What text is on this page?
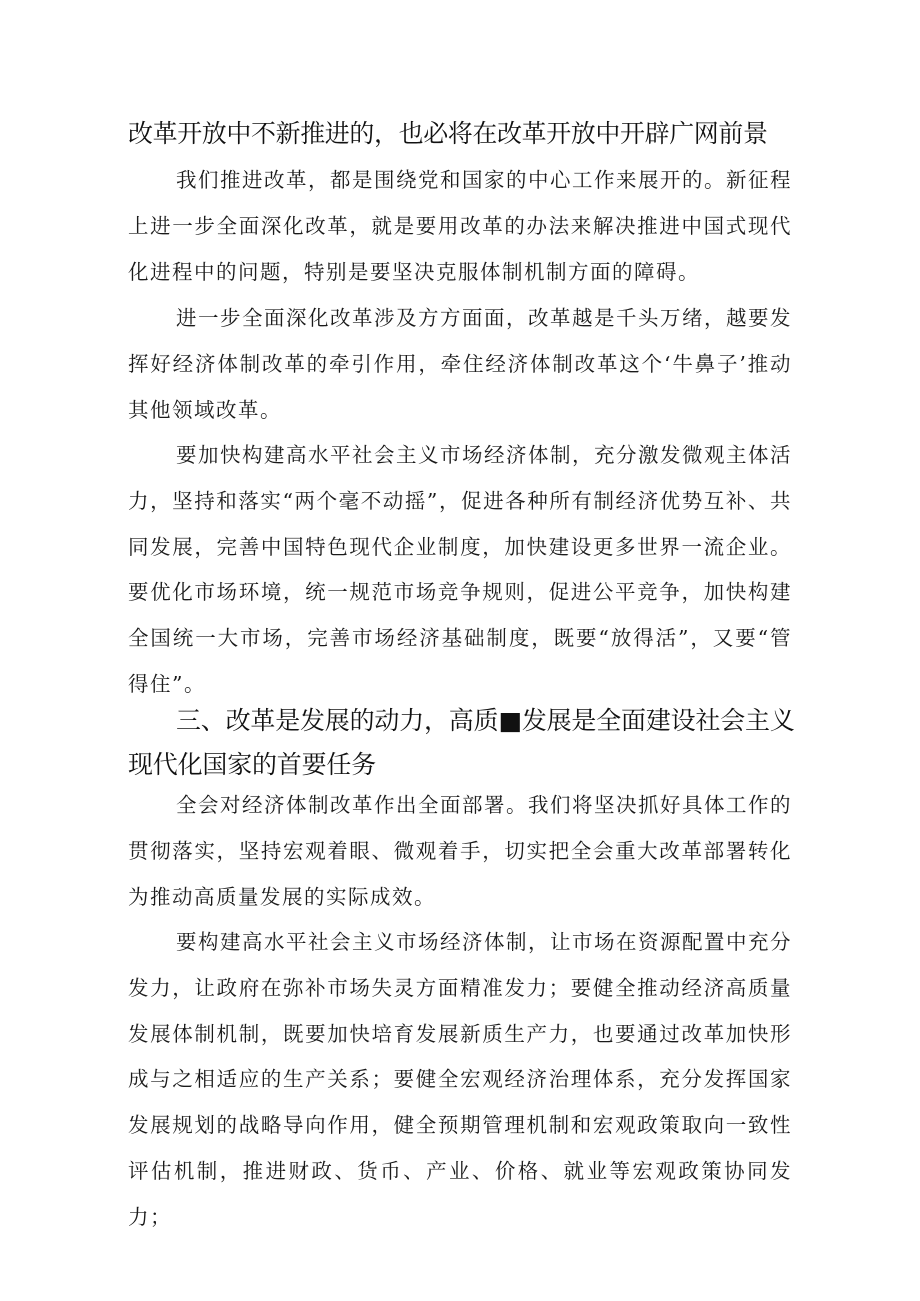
改革开放中不新推进的，也必将在改革开放中开辟广网前景

我们推进改革，都是围绕党和国家的中心工作来展开的。新征程上进一步全面深化改革，就是要用改革的办法来解决推进中国式现代化进程中的问题，特别是要坚决克服体制机制方面的障碍。

进一步全面深化改革涉及方方面面，改革越是千头万绪，越要发挥好经济体制改革的牵引作用，牵住经济体制改革这个‘牛鼻子’推动其他领域改革。

要加快构建高水平社会主义市场经济体制，充分激发微观主体活力，坚持和落实“两个毫不动摇”，促进各种所有制经济优势互补、共同发展，完善中国特色现代企业制度，加快建设更多世界一流企业。要优化市场环境，统一规范市场竞争规则，促进公平竞争，加快构建全国统一大市场，完善市场经济基础制度，既要“放得活”，又要“管得住”。

三、改革是发展的动力，高质■发展是全面建设社会主义现代化国家的首要任务

全会对经济体制改革作出全面部署。我们将坚决抓好具体工作的贯彻落实，坚持宏观着眼、微观着手，切实把全会重大改革部署转化为推动高质量发展的实际成效。

要构建高水平社会主义市场经济体制，让市场在资源配置中充分发力，让政府在弥补市场失灵方面精准发力；要健全推动经济高质量发展体制机制，既要加快培育发展新质生产力，也要通过改革加快形成与之相适应的生产关系；要健全宏观经济治理体系，充分发挥国家发展规划的战略导向作用，健全预期管理机制和宏观政策取向一致性评估机制，推进财政、货币、产业、价格、就业等宏观政策协同发力；
